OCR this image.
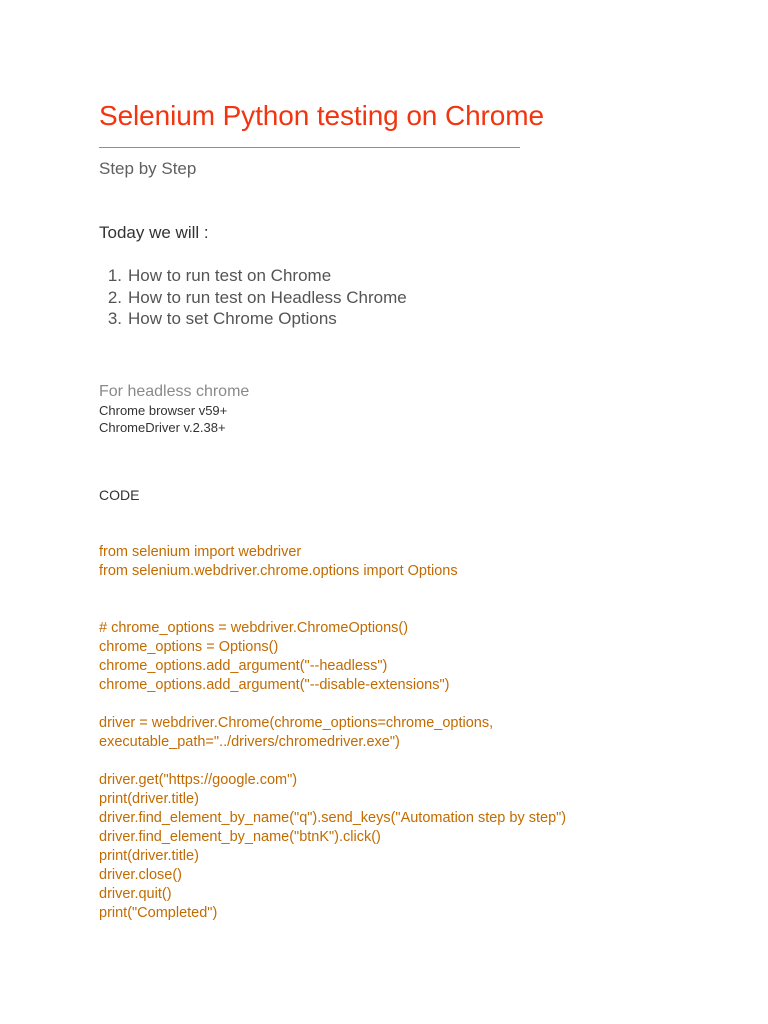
Selenium Python testing on Chrome
Step by Step
Today we will :
1. How to run test on Chrome
2. How to run test on Headless Chrome
3. How to set Chrome Options
For headless chrome
Chrome browser v59+
ChromeDriver v.2.38+
CODE
from selenium import webdriver
from selenium.webdriver.chrome.options import Options
# chrome_options = webdriver.ChromeOptions()
chrome_options = Options()
chrome_options.add_argument("--headless")
chrome_options.add_argument("--disable-extensions")
driver = webdriver.Chrome(chrome_options=chrome_options,
executable_path="../drivers/chromedriver.exe")
driver.get("https://google.com")
print(driver.title)
driver.find_element_by_name("q").send_keys("Automation step by step")
driver.find_element_by_name("btnK").click()
print(driver.title)
driver.close()
driver.quit()
print("Completed")
